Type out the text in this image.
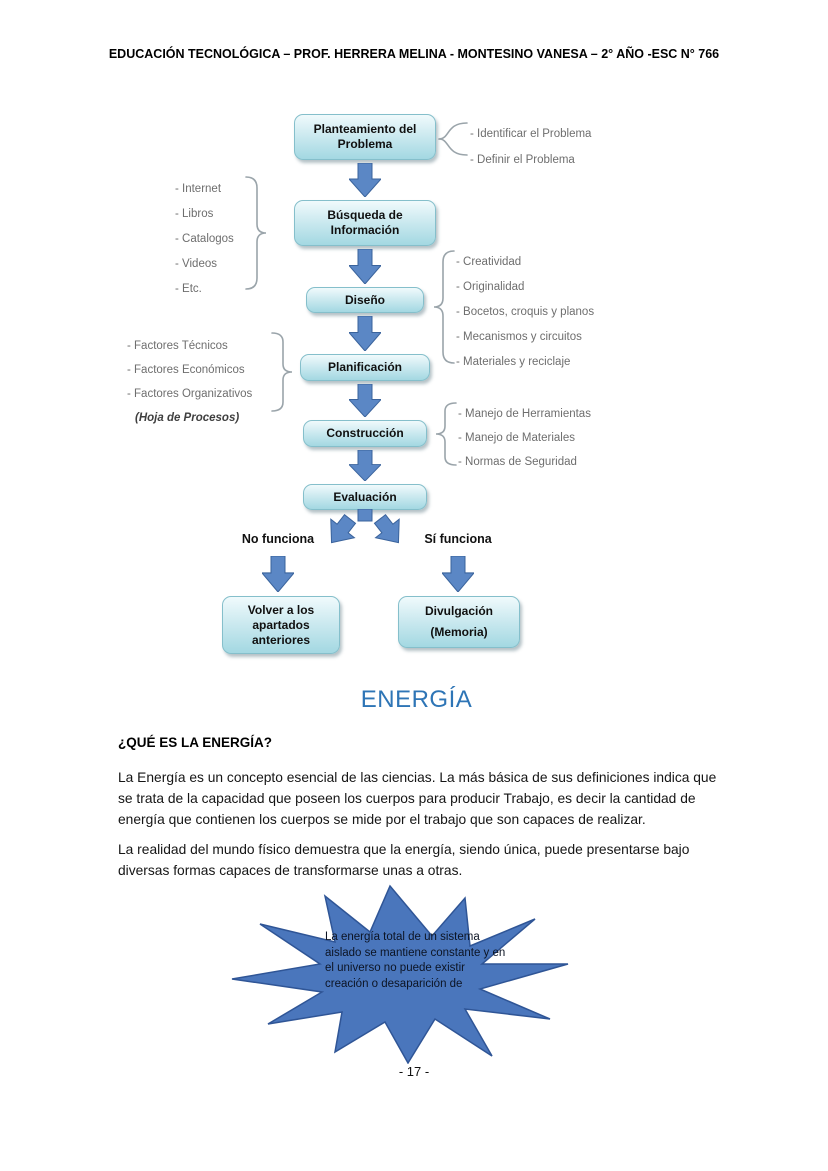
EDUCACIÓN TECNOLÓGICA – PROF. HERRERA MELINA - MONTESINO VANESA – 2° AÑO -ESC N° 766
Planteamiento del Problema
Búsqueda de Información
Diseño
Planificación
Construcción
Evaluación
Volver a los apartados anteriores
Divulgación
(Memoria)
No funciona	Sí funciona
- Identificar el Problema
- Definir el Problema
- Internet
- Libros
- Catalogos
- Videos
- Etc.
- Creatividad
- Originalidad
- Bocetos, croquis y planos
- Mecanismos y circuitos
- Materiales y reciclaje
- Factores Técnicos
- Factores Económicos
- Factores Organizativos
(Hoja de Procesos)	- Manejo de Herramientas
- Manejo de Materiales
- Normas de Seguridad
ENERGÍA
¿QUÉ ES LA ENERGÍA?

La Energía es un concepto esencial de las ciencias. La más básica de sus definiciones indica que se trata de la capacidad que poseen los cuerpos para producir Trabajo, es decir la cantidad de energía que contienen los cuerpos se mide por el trabajo que son capaces de realizar.

La realidad del mundo físico demuestra que la energía, siendo única, puede presentarse bajo diversas formas capaces de transformarse unas a otras.

La energía total de un sistema aislado se mantiene constante y en el universo no puede existir creación o desaparición de
- 17 -
